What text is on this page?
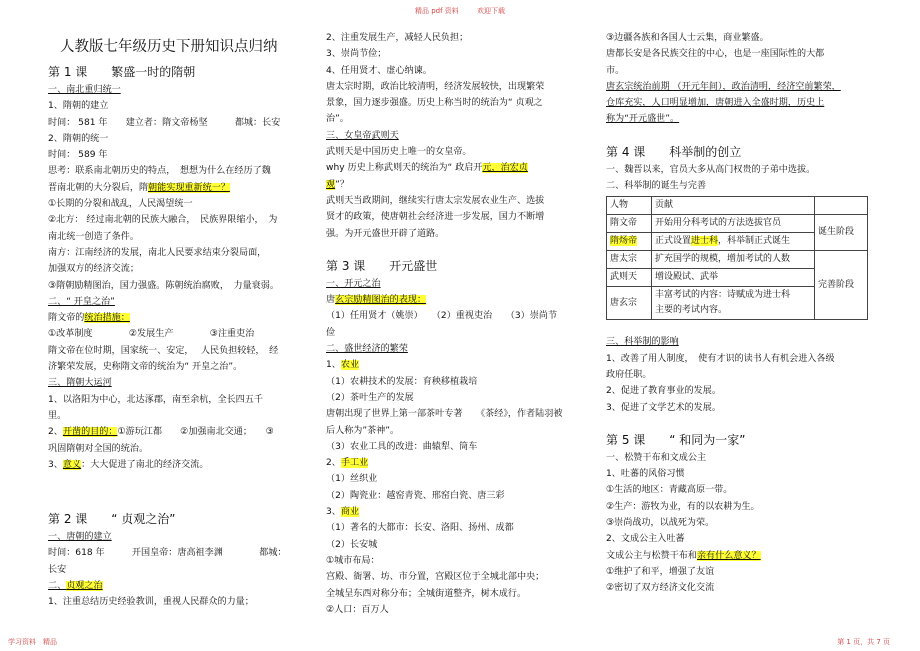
精品 pdf 资料	欢迎下载
人教版七年级历史下册知识点归纳
第 1 课　　繁盛一时的隋朝
一、南北重归统一
1、隋朝的建立
时间： 581 年　　建立者：隋文帝杨坚　　　都城：长安
2、隋朝的统一
时间： 589 年
思考：联系南北朝历史的特点，　想想为什么在经历了魏
晋南北朝的大分裂后，隋朝能实现重新统一？
①长期的分裂和战乱，人民渴望统一
②北方： 经过南北朝的民族大融合，　民族界限缩小，　为
南北统一创造了条件。
南方：江南经济的发展，南北人民要求结束分裂局面，
加强双方的经济交流；
③隋朝励精图治，国力强盛。陈朝统治腐败，　力量衰弱。
二、“ 开皇之治”
隋文帝的统治措施：
①改革制度　　　　②发展生产　　　　③注重吏治
隋文帝在位时期，国家统一、安定，　 人民负担较轻，　经
济繁荣发展，史称隋文帝的统治为“ 开皇之治”。
三、隋朝大运河
1、以洛阳为中心，北达涿郡，南至余杭，全长四五千
里。
2、开凿的目的：①游玩江都　　②加强南北交通；　　③
巩固隋朝对全国的统治。
3、意义：大大促进了南北的经济交流。
第 2 课　　“ 贞观之治”
一、唐朝的建立
时间：618 年　　　开国皇帝：唐高祖李渊　　　　都城：
长安
二、贞观之治
1、注重总结历史经验教训，重视人民群众的力量；
2、注重发展生产，减轻人民负担；
3、崇尚节俭；
4、任用贤才、虚心纳谏。
唐太宗时期，政治比较清明，经济发展较快，出现繁荣
景象，国力逐步强盛。历史上称当时的统治为“ 贞观之
治”。
三、女皇帝武则天
武则天是中国历史上唯一的女皇帝。
why 历史上称武则天的统治为“ 政启开元，治宏贞
观”？
武则天当政期间，继续实行唐太宗发展农业生产、选拔
贤才的政策，使唐朝社会经济进一步发展，国力不断增
强。为开元盛世开辟了道路。
第 3 课　　开元盛世
一、开元之治
唐玄宗励精图治的表现：
（1）任用贤才（姚崇）　　（2）重视吏治　　（3）崇尚节
俭
二、盛世经济的繁荣
1、农业
（1）农耕技术的发展：育秧移植栽培
（2）茶叶生产的发展
唐朝出现了世界上第一部茶叶专著　　《茶经》，作者陆羽被
后人称为”茶神”。
（3）农业工具的改进：曲辕犁、筒车
2、手工业
（1）丝织业
（2）陶瓷业：越窑青瓷、邢窑白瓷、唐三彩
3、商业
（1）著名的大都市：长安、洛阳、扬州、成都
（2）长安城
①城市布局：
宫殿、衙署、坊、市分置，宫殿区位于全城北部中央；
全城呈东西对称分布；全城街道整齐，树木成行。
②人口：百万人
③边疆各族和各国人士云集，商业繁盛。
唐都长安是各民族交往的中心，也是一座国际性的大都
市。
唐玄宗统治前期 （开元年间），政治清明，经济空前繁荣，
仓库充实，人口明显增加，唐朝进入全盛时期，历史上
称为“开元盛世”。
第 4 课　　科举制的创立
一、魏晋以来，官员大多从高门权贵的子弟中选拔。
二、科举制的诞生与完善
人物	贡献	
隋文帝	开始用分科考试的方法选拔官员	诞生阶段
隋炀帝	正式设置进士科，科举制正式诞生	
唐太宗	扩充国学的规模，增加考试的人数	完善阶段
武则天	增设殿试、武举	
唐玄宗	丰富考试的内容：诗赋成为进士科
主要的考试内容。	
三、科举制的影响
1、改善了用人制度，　使有才识的读书人有机会进入各级
政府任职。
2、促进了教育事业的发展。
3、促进了文学艺术的发展。
第 5 课　　“ 和同为一家”
一、松赞干布和文成公主
1、吐蕃的风俗习惯
①生活的地区：青藏高原一带。
②生产：游牧为业，有的以农耕为生。
③崇尚战功，以战死为荣。
2、文成公主入吐蕃
文成公主与松赞干布和亲有什么意义？
①维护了和平，增强了友谊
②密切了双方经济文化交流
学习资料　精品	第 1 页，共 7 页
